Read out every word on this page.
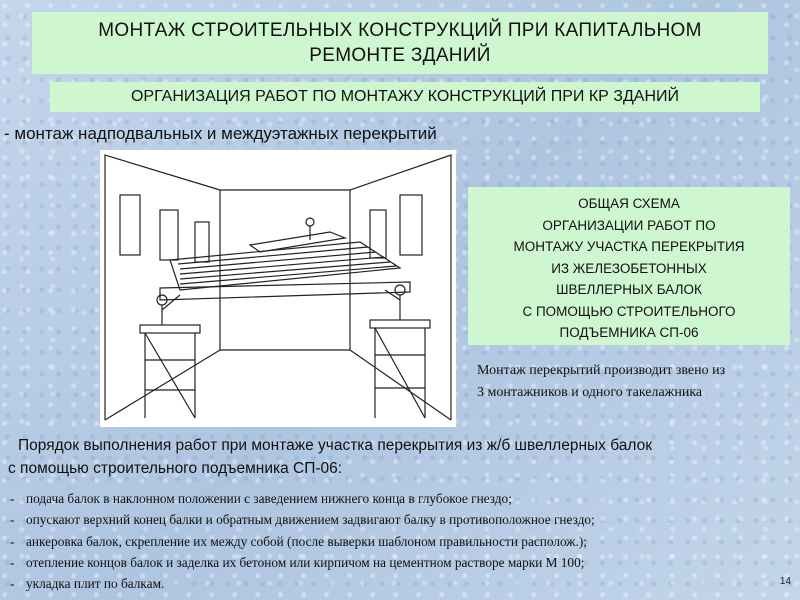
МОНТАЖ СТРОИТЕЛЬНЫХ КОНСТРУКЦИЙ ПРИ КАПИТАЛЬНОМ
РЕМОНТЕ ЗДАНИЙ
ОРГАНИЗАЦИЯ РАБОТ ПО МОНТАЖУ КОНСТРУКЦИЙ ПРИ КР ЗДАНИЙ
- монтаж надподвальных и междуэтажных перекрытий
ОБЩАЯ СХЕМА
ОРГАНИЗАЦИИ РАБОТ ПО
МОНТАЖУ УЧАСТКА ПЕРЕКРЫТИЯ
ИЗ ЖЕЛЕЗОБЕТОННЫХ
ШВЕЛЛЕРНЫХ БАЛОК
С ПОМОЩЬЮ СТРОИТЕЛЬНОГО
ПОДЪЕМНИКА СП-06
Монтаж перекрытий производит звено из
3 монтажников и одного такелажника
Порядок выполнения работ при монтаже участка перекрытия из ж/б швеллерных балок
с помощью строительного подъемника СП-06:
- подача балок в наклонном положении с заведением нижнего конца в глубокое гнездо;
- опускают верхний конец балки и обратным движением задвигают балку в противоположное гнездо;
- анкеровка балок, скрепление их между собой (после выверки шаблоном правильности располож.);
- отепление концов балок и заделка их бетоном или кирпичом на цементном растворе марки М 100;
- укладка плит по балкам.	14
